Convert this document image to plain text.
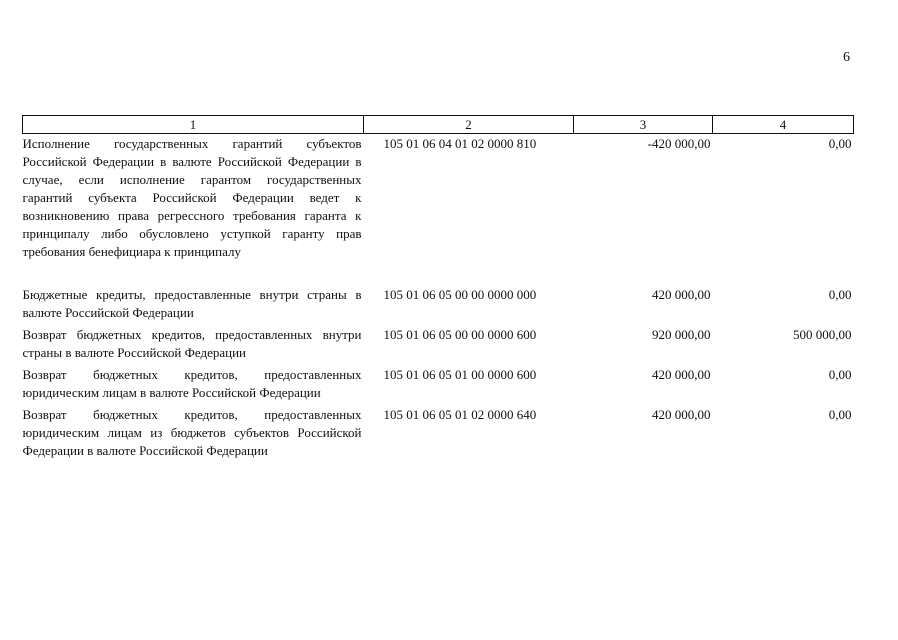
6
1	2	3	4
Исполнение государственных гарантий субъектов Российской Федерации в валюте Российской Федерации в случае, если исполнение гарантом государственных гарантий субъекта Российской Федерации ведет к возникновению права регрессного требования гаранта к принципалу либо обусловлено уступкой гаранту прав требования бенефициара к принципалу	105 01 06 04 01 02 0000 810	-420 000,00	0,00
Бюджетные кредиты, предоставленные внутри страны в валюте Российской Федерации	105 01 06 05 00 00 0000 000	420 000,00	0,00
Возврат бюджетных кредитов, предоставленных внутри страны в валюте Российской Федерации	105 01 06 05 00 00 0000 600	920 000,00	500 000,00
Возврат бюджетных кредитов, предоставленных юридическим лицам в валюте Российской Федерации	105 01 06 05 01 00 0000 600	420 000,00	0,00
Возврат бюджетных кредитов, предоставленных юридическим лицам из бюджетов субъектов Российской Федерации в валюте Российской Федерации	105 01 06 05 01 02 0000 640	420 000,00	0,00
